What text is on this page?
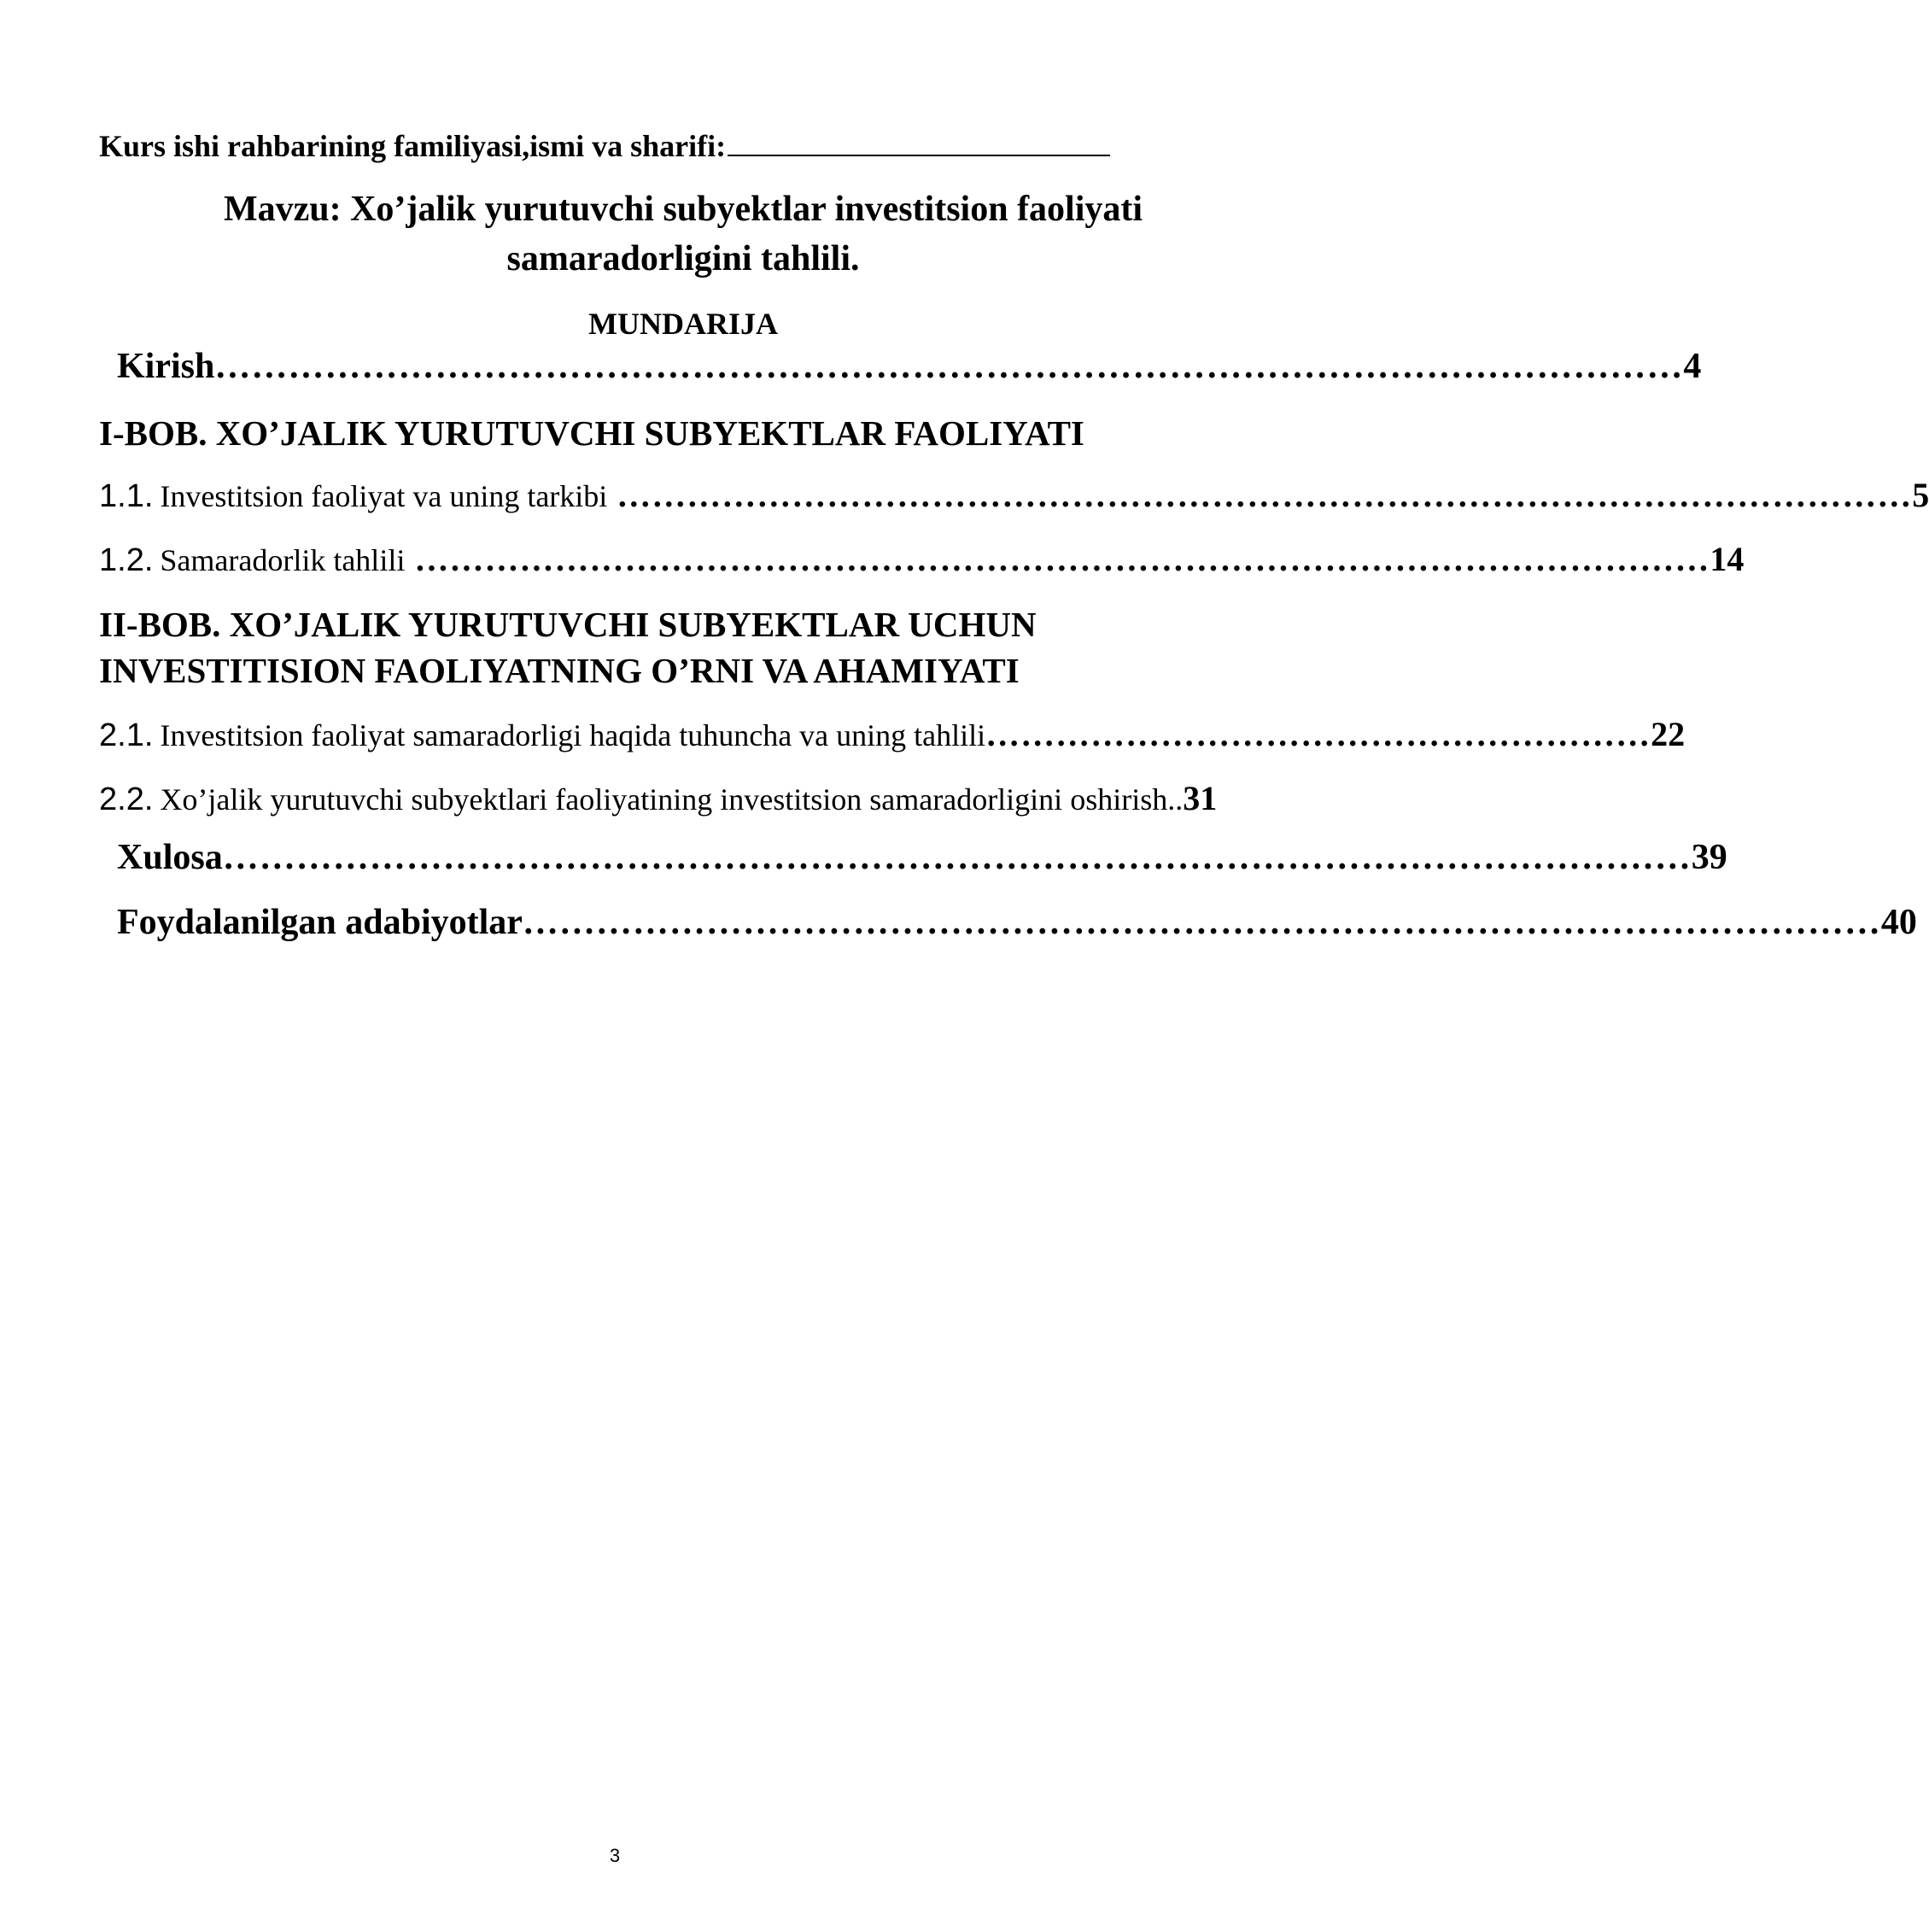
Kurs ishi rahbarining familiyasi,ismi va sharifi:
Mavzu: Xo’jalik yurutuvchi subyektlar investitsion faoliyati
samaradorligini tahlili.
MUNDARIJA
Kirish ………………………………………………………………………………………………………… 4
I-BOB. XO’JALIK YURUTUVCHI SUBYEKTLAR FAOLIYATI
1.1. Investitsion faoliyat va uning tarkibi ………………………………………………………………………………………………… 5
1.2. Samaradorlik tahlili ………………………………………………………………………………………………… 14
II-BOB. XO’JALIK YURUTUVCHI SUBYEKTLAR UCHUN
INVESTITISION FAOLIYATNING O’RNI VA AHAMIYATI
2.1. Investitsion faoliyat samaradorligi haqida tuhuncha va uning tahlili ………………………………………………… 22
2.2. Xo’jalik yurutuvchi subyektlari faoliyatining investitsion samaradorligini oshirish.. 31
Xulosa ………………………………………………………………………………………………………… 39
Foydalanilgan adabiyotlar ………………………………………………………………………………………………… 40
3
